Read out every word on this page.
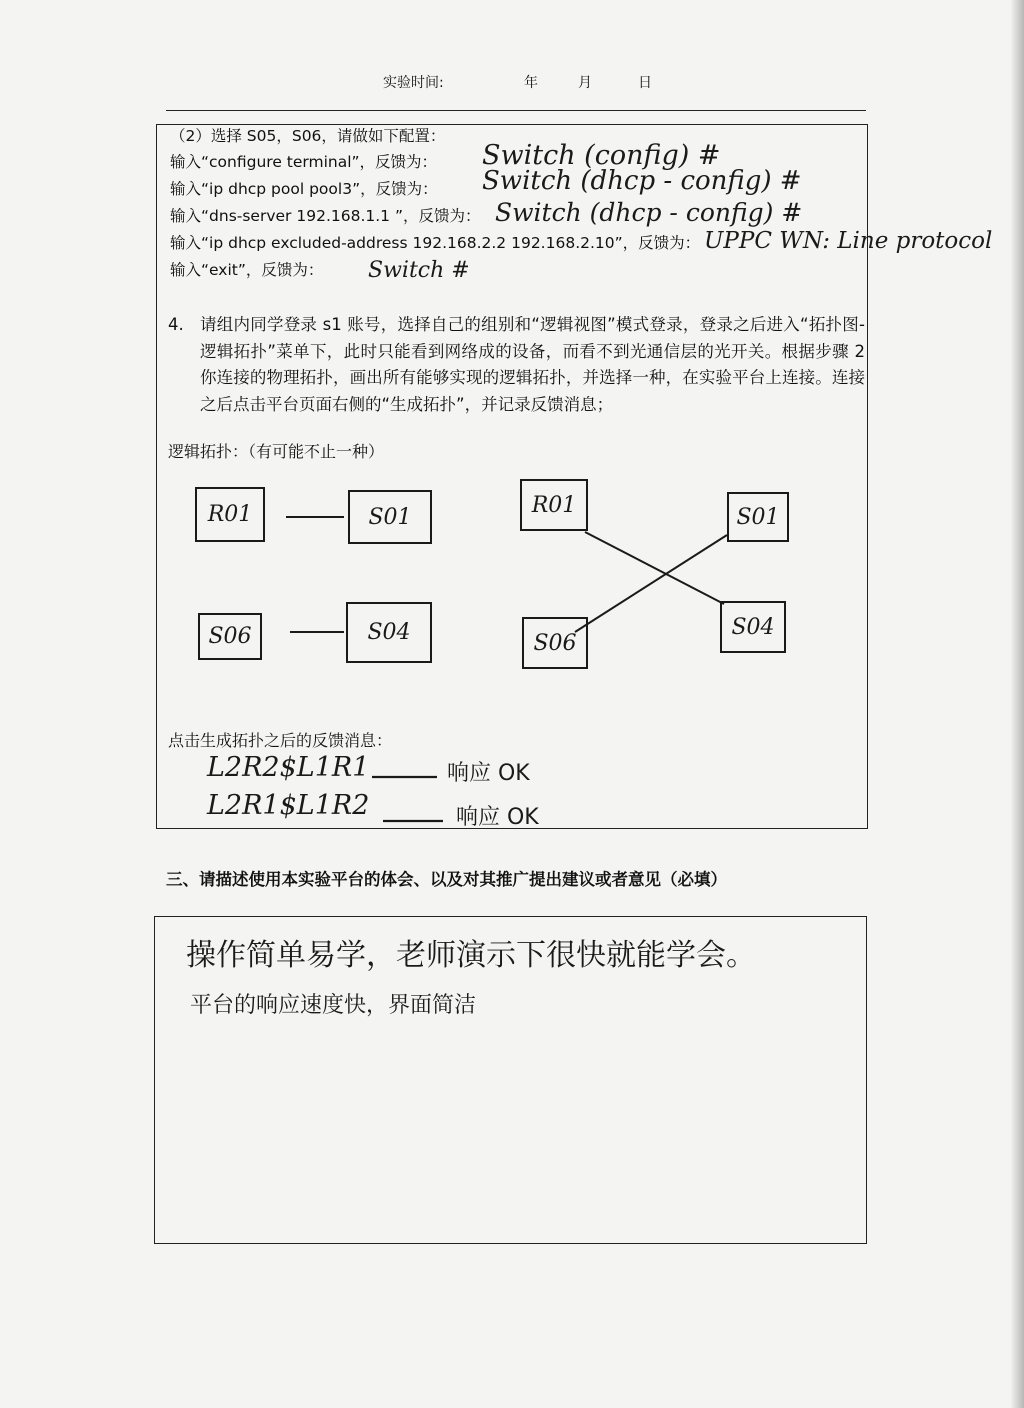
实验时间:	年	月	日
（2）选择 S05，S06，请做如下配置：
输入“configure terminal”，反馈为： Switch (config) #
输入“ip dhcp pool pool3”，反馈为： Switch (dhcp - config) #
输入“dns-server 192.168.1.1 ”，反馈为： Switch (dhcp - config) #
输入“ip dhcp excluded-address 192.168.2.2 192.168.2.10”，反馈为： UPPC WN: Line protocol
输入“exit”，反馈为： Switch #
4. 请组内同学登录 s1 账号，选择自己的组别和“逻辑视图”模式登录，登录之后进入“拓扑图-逻辑拓扑”菜单下，此时只能看到网络成的设备，而看不到光通信层的光开关。根据步骤 2 你连接的物理拓扑，画出所有能够实现的逻辑拓扑，并选择一种，在实验平台上连接。连接之后点击平台页面右侧的“生成拓扑”，并记录反馈消息；
逻辑拓扑：（有可能不止一种）
R01	S01
S06	S04
R01	S01
S06
S04
点击生成拓扑之后的反馈消息：
L2R2$L1R1
L2R1$L1R2
响应 OK
响应 OK
三、请描述使用本实验平台的体会、以及对其推广提出建议或者意见（必填）
操作简单易学，老师演示下很快就能学会。
平台的响应速度快，界面简洁
